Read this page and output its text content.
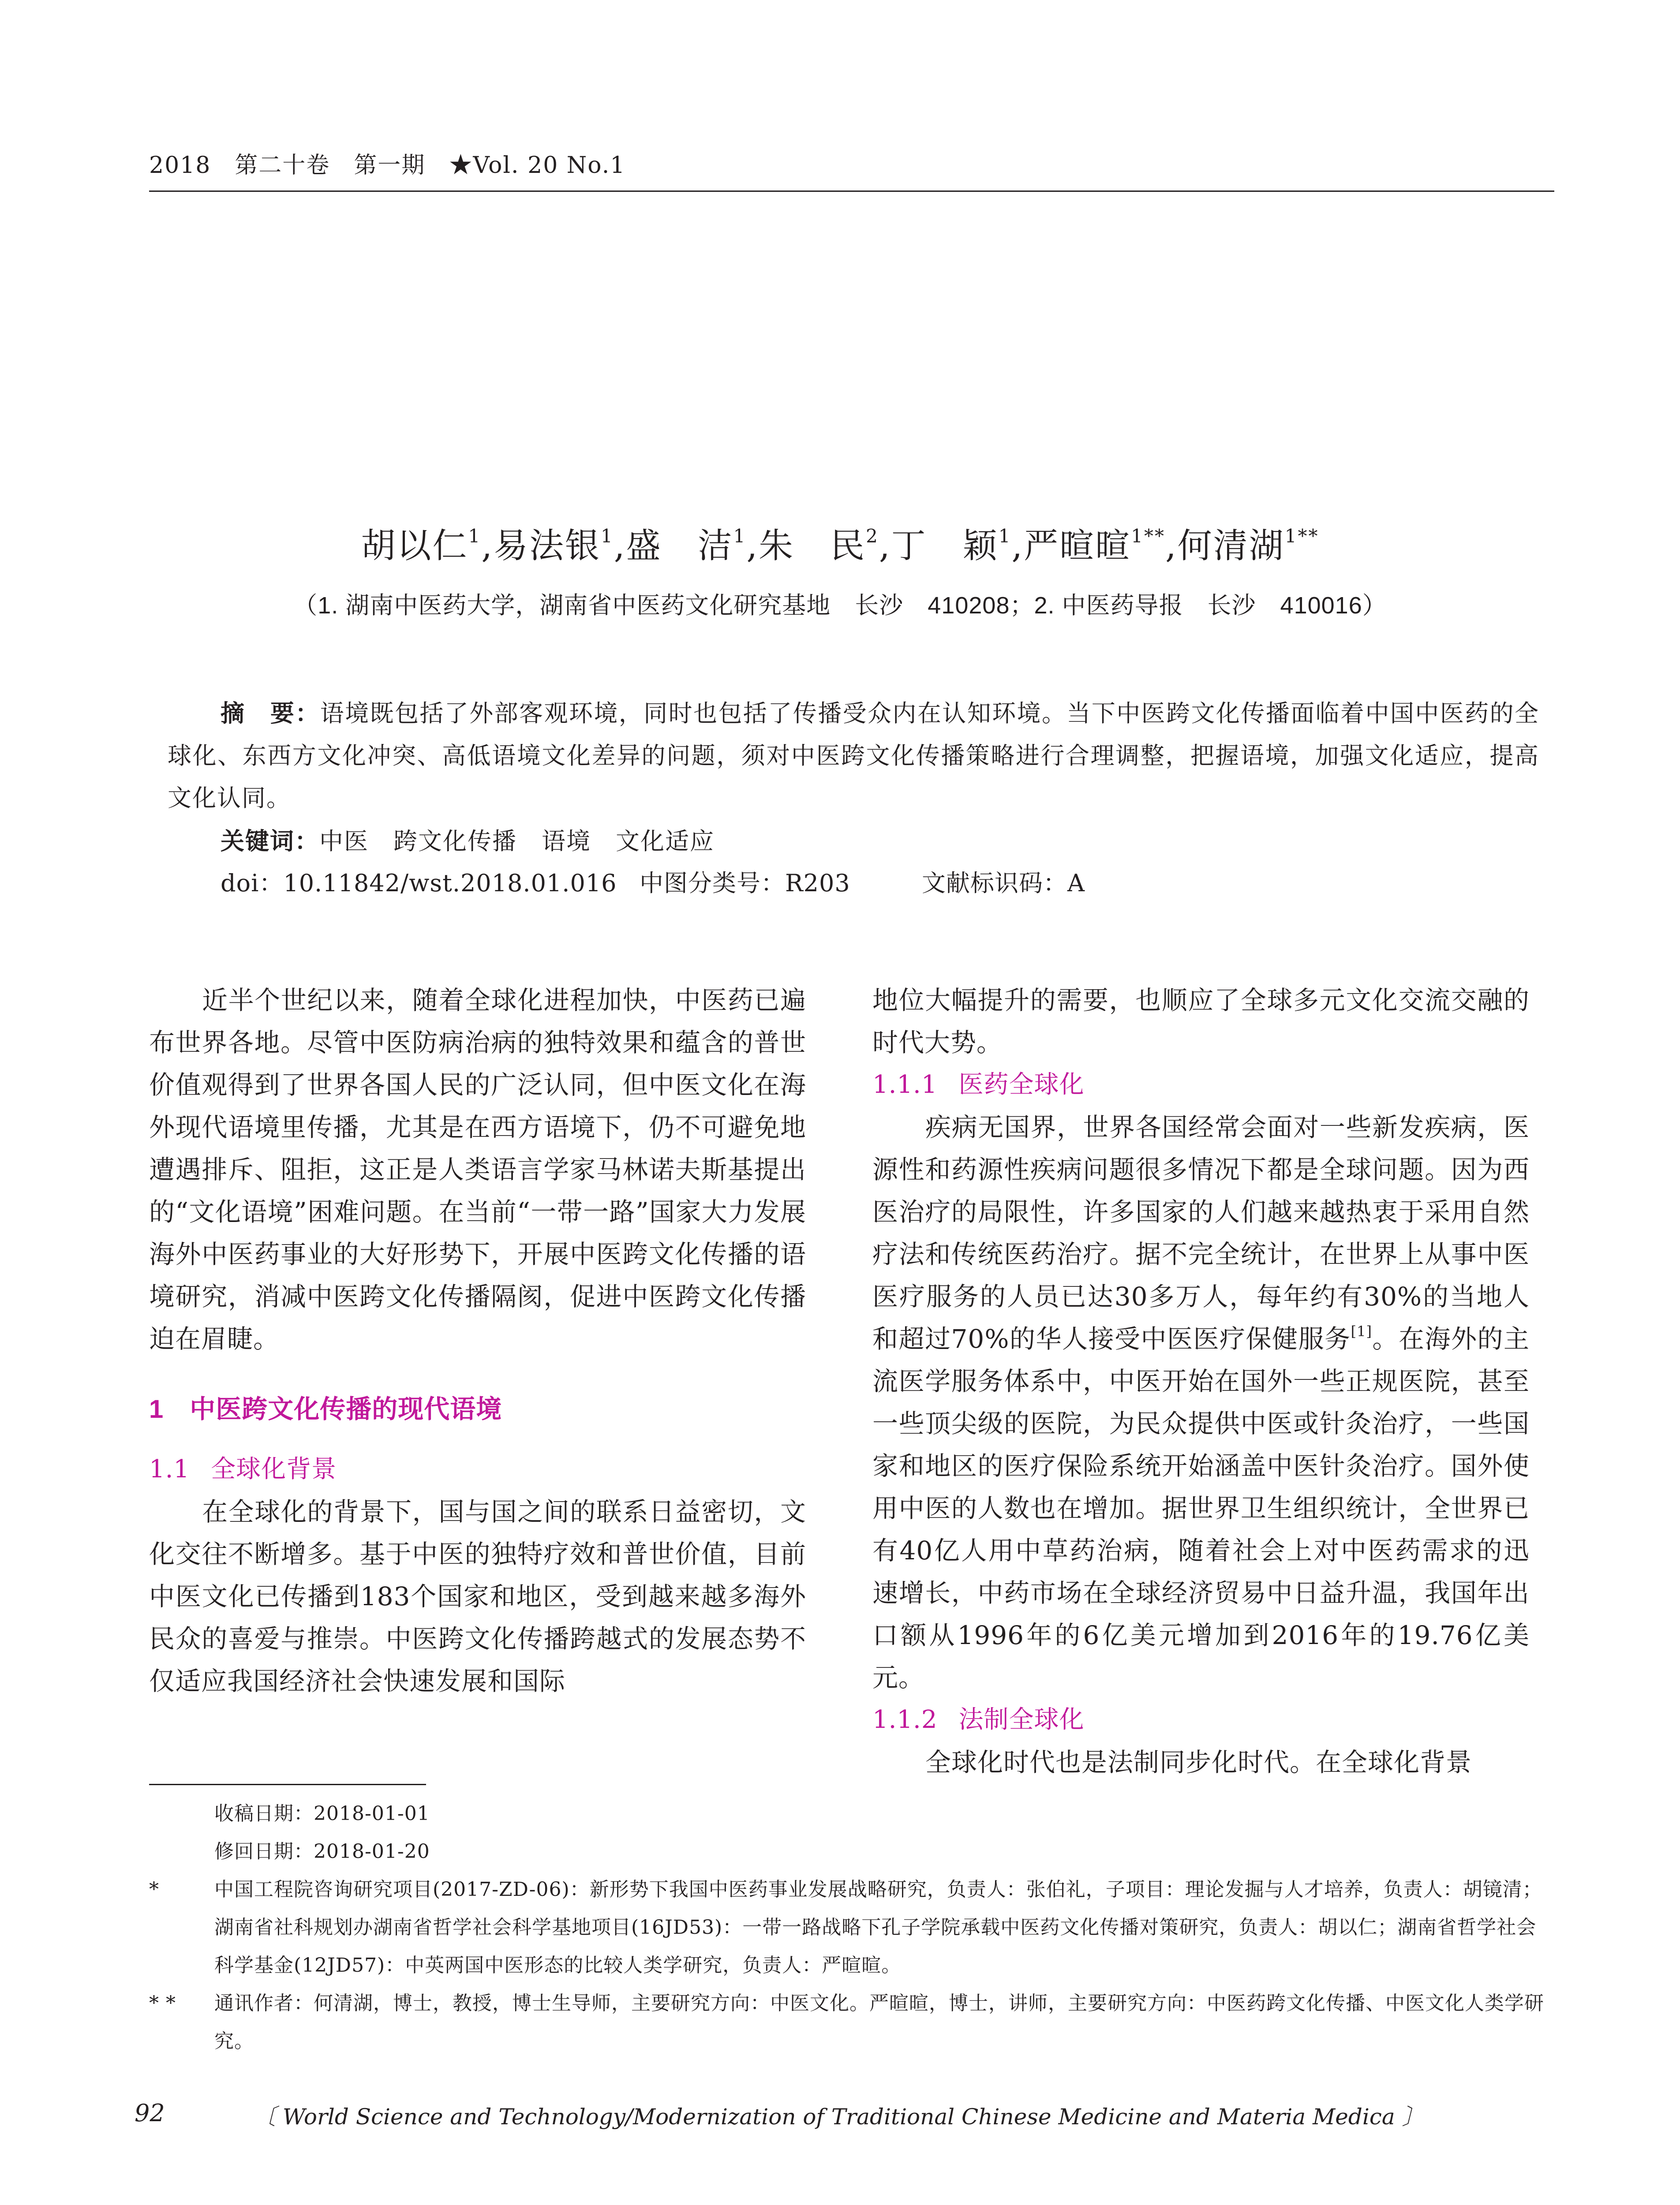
2018　第二十卷　第一期　★Vol. 20 No.1
胡以仁$^1$,易法银$^1$,盛　洁$^1$,朱　民$^2$,丁　颖$^1$,严暄暄$^{1**}$,何清湖$^{1**}$
（1. 湖南中医药大学，湖南省中医药文化研究基地　长沙　410208；2. 中医药导报　长沙　410016）
摘　要：语境既包括了外部客观环境，同时也包括了传播受众内在认知环境。当下中医跨文化传播面临着中国中医药的全球化、东西方文化冲突、高低语境文化差异的问题，须对中医跨文化传播策略进行合理调整，把握语境，加强文化适应，提高文化认同。
关键词：中医　跨文化传播　语境　文化适应
doi：10.11842/wst.2018.01.016 中图分类号：R203	文献标识码：A

近半个世纪以来，随着全球化进程加快，中医药已遍布世界各地。尽管中医防病治病的独特效果和蕴含的普世价值观得到了世界各国人民的广泛认同，但中医文化在海外现代语境里传播，尤其是在西方语境下，仍不可避免地遭遇排斥、阻拒，这正是人类语言学家马林诺夫斯基提出的“文化语境”困难问题。在当前“一带一路”国家大力发展海外中医药事业的大好形势下，开展中医跨文化传播的语境研究，消减中医跨文化传播隔阂，促进中医跨文化传播迫在眉睫。

1　中医跨文化传播的现代语境
1.1 全球化背景

在全球化的背景下，国与国之间的联系日益密切，文化交往不断增多。基于中医的独特疗效和普世价值，目前中医文化已传播到183个国家和地区，受到越来越多海外民众的喜爱与推崇。中医跨文化传播跨越式的发展态势不仅适应我国经济社会快速发展和国际

地位大幅提升的需要，也顺应了全球多元文化交流交融的时代大势。

1.1.1 医药全球化

疾病无国界，世界各国经常会面对一些新发疾病，医源性和药源性疾病问题很多情况下都是全球问题。因为西医治疗的局限性，许多国家的人们越来越热衷于采用自然疗法和传统医药治疗。据不完全统计，在世界上从事中医医疗服务的人员已达30多万人，每年约有30%的当地人和超过70%的华人接受中医医疗保健服务[1]。在海外的主流医学服务体系中，中医开始在国外一些正规医院，甚至一些顶尖级的医院，为民众提供中医或针灸治疗，一些国家和地区的医疗保险系统开始涵盖中医针灸治疗。国外使用中医的人数也在增加。据世界卫生组织统计，全世界已有40亿人用中草药治病，随着社会上对中医药需求的迅速增长，中药市场在全球经济贸易中日益升温，我国年出口额从1996年的6亿美元增加到2016年的19.76亿美元。

1.1.2 法制全球化

全球化时代也是法制同步化时代。在全球化背景

收稿日期：2018-01-01
修回日期：2018-01-20
*	中国工程院咨询研究项目(2017-ZD-06)：新形势下我国中医药事业发展战略研究，负责人：张伯礼，子项目：理论发掘与人才培养，负责人：胡镜清；湖南省社科规划办湖南省哲学社会科学基地项目(16JD53)：一带一路战略下孔子学院承载中医药文化传播对策研究，负责人：胡以仁；湖南省哲学社会科学基金(12JD57)：中英两国中医形态的比较人类学研究，负责人：严暄暄。
* * 通讯作者：何清湖，博士，教授，博士生导师，主要研究方向：中医文化。严暄暄，博士，讲师，主要研究方向：中医药跨文化传播、中医文化人类学研究。
92	〔 World Science and Technology/Modernization of Traditional Chinese Medicine and Materia Medica 〕
